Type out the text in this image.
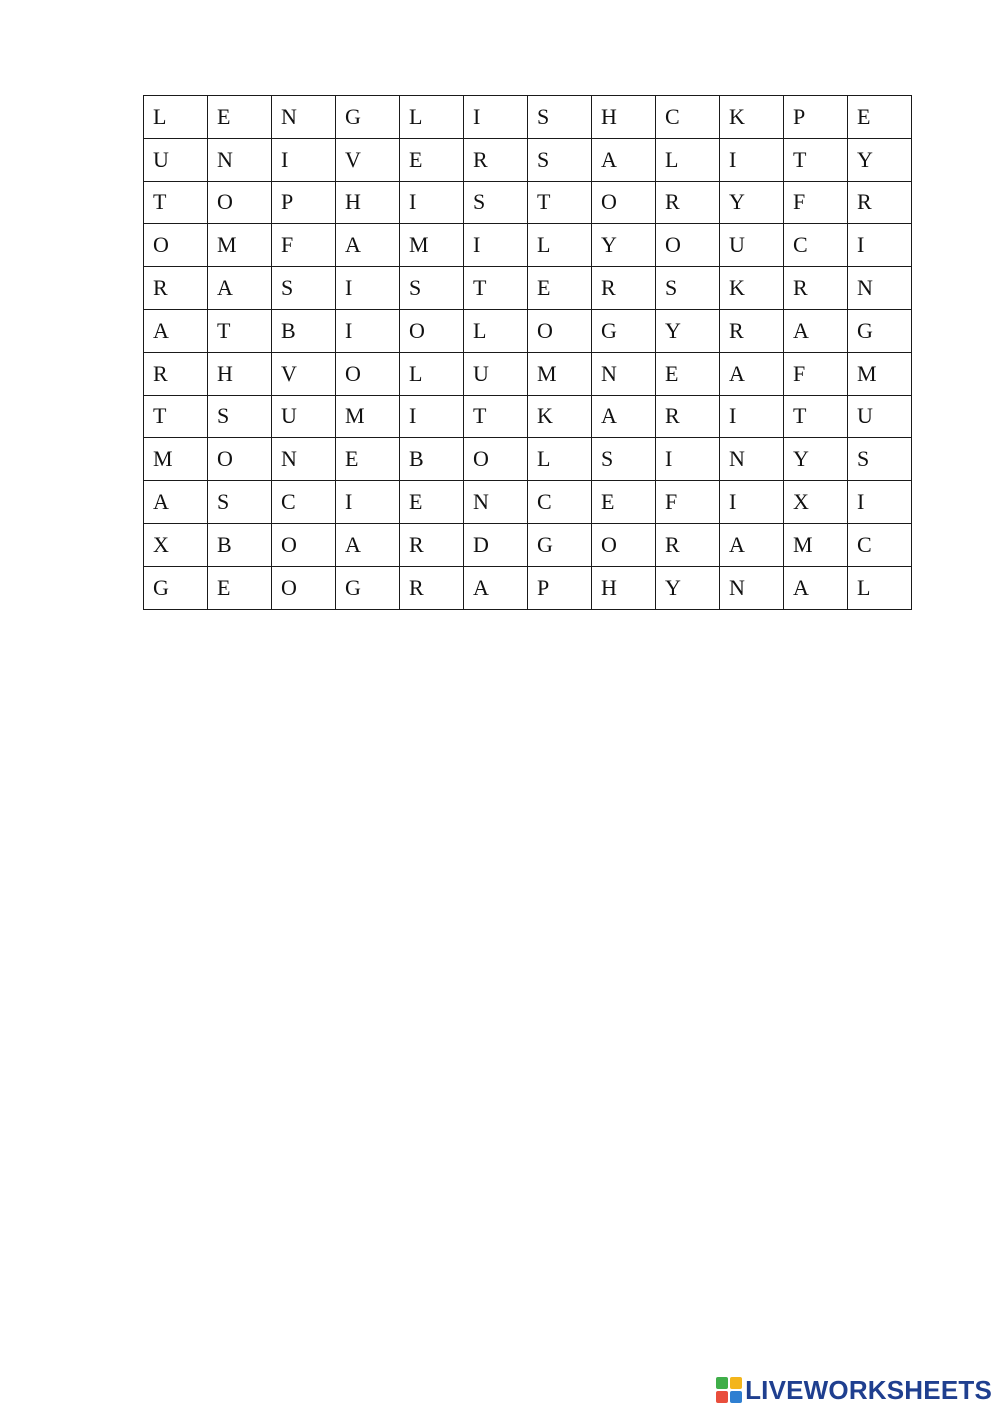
L	E	N	G	L	I	S	H	C	K	P	E
U	N	I	V	E	R	S	A	L	I	T	Y
T	O	P	H	I	S	T	O	R	Y	F	R
O	M	F	A	M	I	L	Y	O	U	C	I
R	A	S	I	S	T	E	R	S	K	R	N
A	T	B	I	O	L	O	G	Y	R	A	G
R	H	V	O	L	U	M	N	E	A	F	M
T	S	U	M	I	T	K	A	R	I	T	U
M	O	N	E	B	O	L	S	I	N	Y	S
A	S	C	I	E	N	C	E	F	I	X	I
X	B	O	A	R	D	G	O	R	A	M	C
G	E	O	G	R	A	P	H	Y	N	A	L
LIVEWORKSHEETS
